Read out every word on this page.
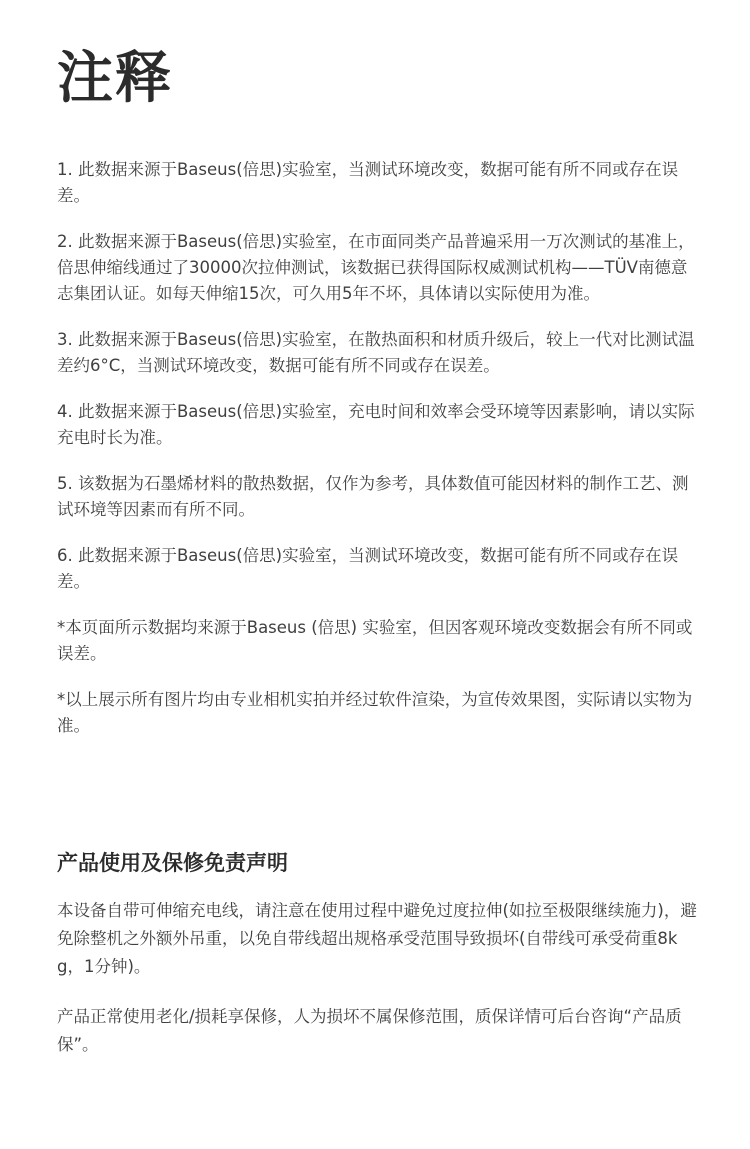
注释

1. 此数据来源于Baseus(倍思)实验室，当测试环境改变，数据可能有所不同或存在误差。

2. 此数据来源于Baseus(倍思)实验室，在市面同类产品普遍采用一万次测试的基准上，倍思伸缩线通过了30000次拉伸测试，该数据已获得国际权威测试机构——TÜV南德意志集团认证。如每天伸缩15次，可久用5年不坏，具体请以实际使用为准。

3. 此数据来源于Baseus(倍思)实验室，在散热面积和材质升级后，较上一代对比测试温差约6°C，当测试环境改变，数据可能有所不同或存在误差。

4. 此数据来源于Baseus(倍思)实验室，充电时间和效率会受环境等因素影响，请以实际充电时长为准。

5. 该数据为石墨烯材料的散热数据，仅作为参考，具体数值可能因材料的制作工艺、测试环境等因素而有所不同。

6. 此数据来源于Baseus(倍思)实验室，当测试环境改变，数据可能有所不同或存在误差。

*本页面所示数据均来源于Baseus (倍思) 实验室，但因客观环境改变数据会有所不同或误差。

*以上展示所有图片均由专业相机实拍并经过软件渲染，为宣传效果图，实际请以实物为准。

产品使用及保修免责声明

本设备自带可伸缩充电线，请注意在使用过程中避免过度拉伸(如拉至极限继续施力)，避免除整机之外额外吊重，以免自带线超出规格承受范围导致损坏(自带线可承受荷重8kg，1分钟)。

产品正常使用老化/损耗享保修，人为损坏不属保修范围，质保详情可后台咨询“产品质保”。
